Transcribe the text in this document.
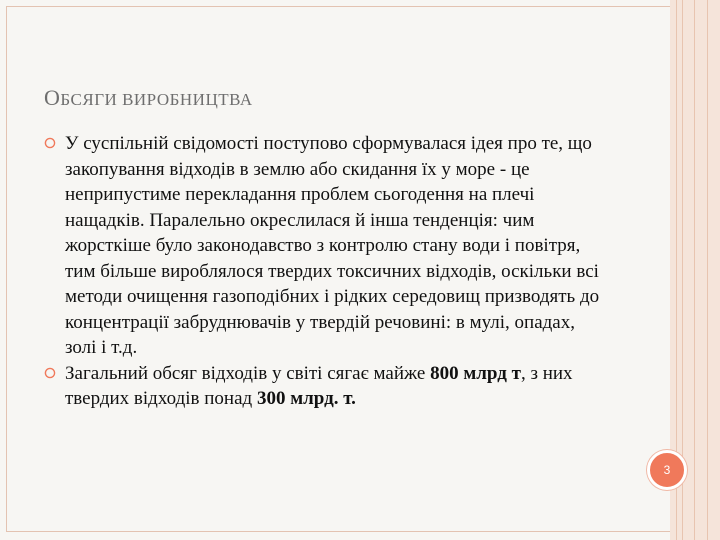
ОБСЯГИ ВИРОБНИЦТВА
У суспільній свідомості поступово сформувалася ідея про те, що закопування відходів в землю або скидання їх у море - це неприпустиме перекладання проблем сьогодення на плечі нащадків. Паралельно окреслилася й інша тенденція: чим жорсткіше було законодавство з контролю стану води і повітря, тим більше вироблялося твердих токсичних відходів, оскільки всі методи очищення газоподібних і рідких середовищ призводять до концентрації забруднювачів у твердій речовині: в мулі, опадах, золі і т.д.
Загальний обсяг відходів у світі сягає майже 800 млрд т, з них твердих відходів понад 300 млрд. т.
3
